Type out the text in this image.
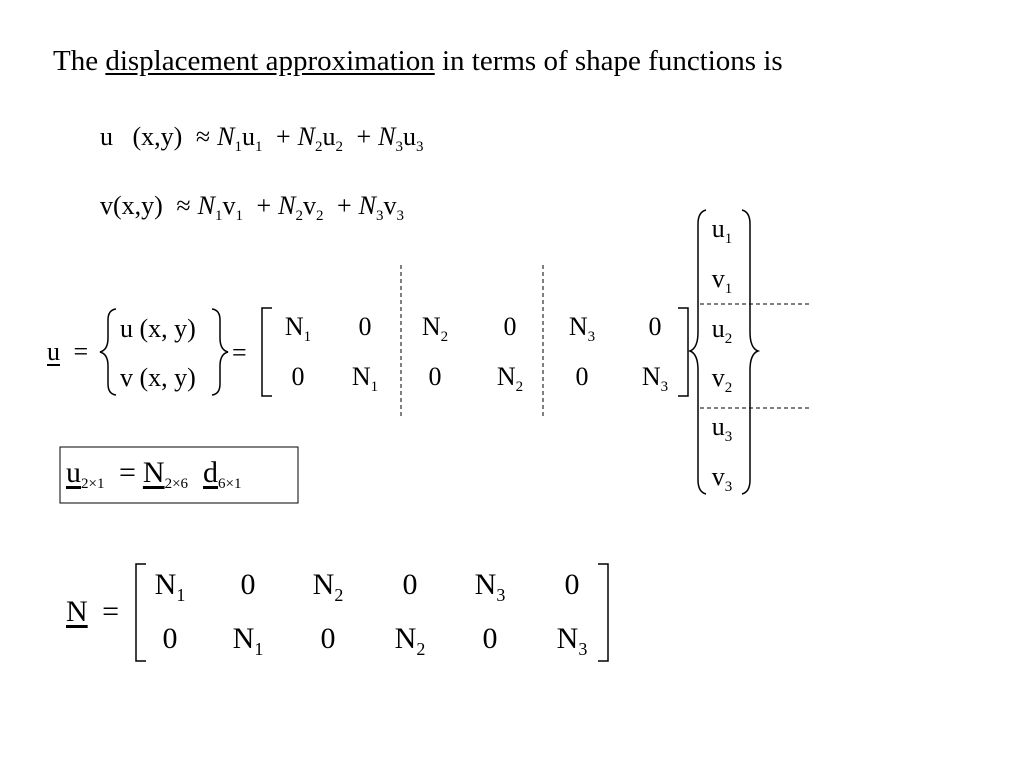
The displacement approximation in terms of shape functions is
u $(x,y) \approx N_1u_1 + N_2u_2 + N_3u_3$
$v(x,y) \approx N_1v_1 + N_2v_2 + N_3v_3$
u =
u (x, y)
v (x, y)
=
$N_1$ 0 $N_2$ 0 $N_3$ 0
0 $N_1$ 0 $N_2$ 0 $N_3$
$u_1$
$v_1$
$u_2$
$v_2$
$u_3$
$v_3$
$u_{2\times 1} = N_{2\times 6}$ $d_{6\times 1}$
N =
$N_1$ 0 $N_2$ 0 $N_3$ 0
0 $N_1$ 0 $N_2$ 0 $N_3$
